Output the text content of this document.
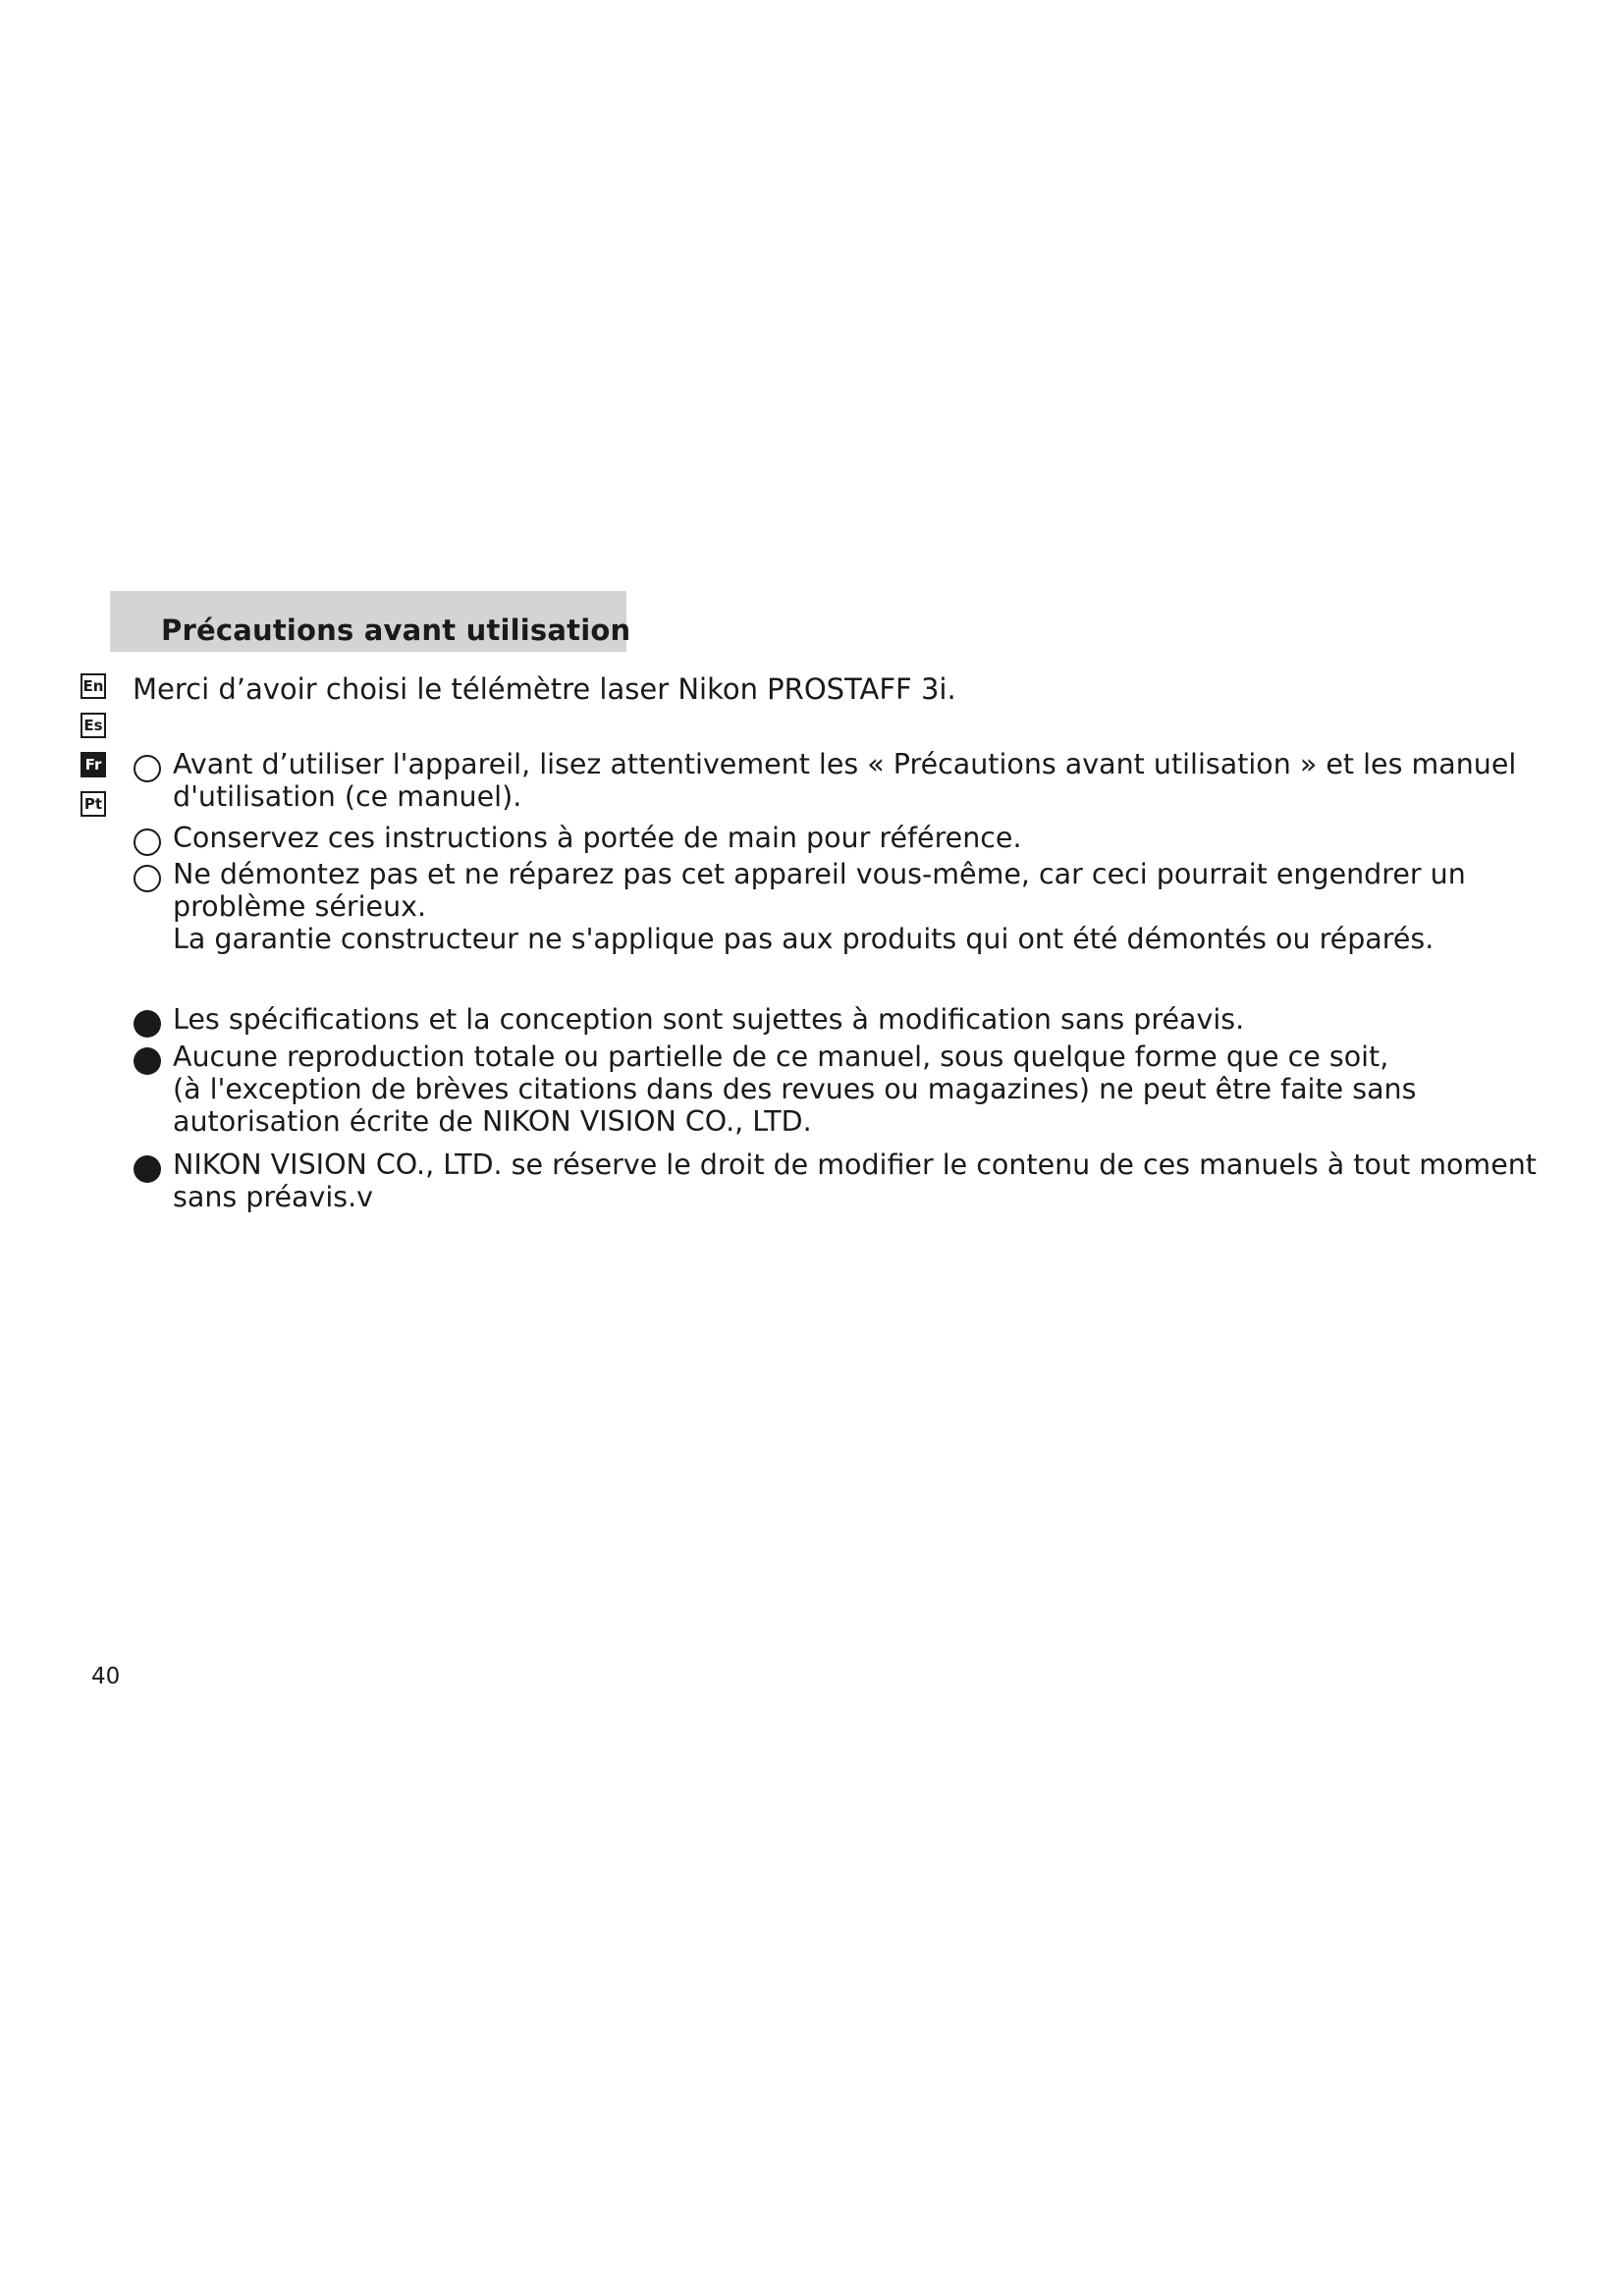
Précautions avant utilisation
En
Es
Fr
Pt
Merci d’avoir choisi le télémètre laser Nikon PROSTAFF 3i.
Avant d’utiliser l'appareil, lisez attentivement les « Précautions avant utilisation » et les manuel
d'utilisation (ce manuel).
Conservez ces instructions à portée de main pour référence.
Ne démontez pas et ne réparez pas cet appareil vous-même, car ceci pourrait engendrer un
problème sérieux.
La garantie constructeur ne s'applique pas aux produits qui ont été démontés ou réparés.
Les spécifications et la conception sont sujettes à modification sans préavis.
Aucune reproduction totale ou partielle de ce manuel, sous quelque forme que ce soit,
(à l'exception de brèves citations dans des revues ou magazines) ne peut être faite sans
autorisation écrite de NIKON VISION CO., LTD.
NIKON VISION CO., LTD. se réserve le droit de modifier le contenu de ces manuels à tout moment
sans préavis.v
40
